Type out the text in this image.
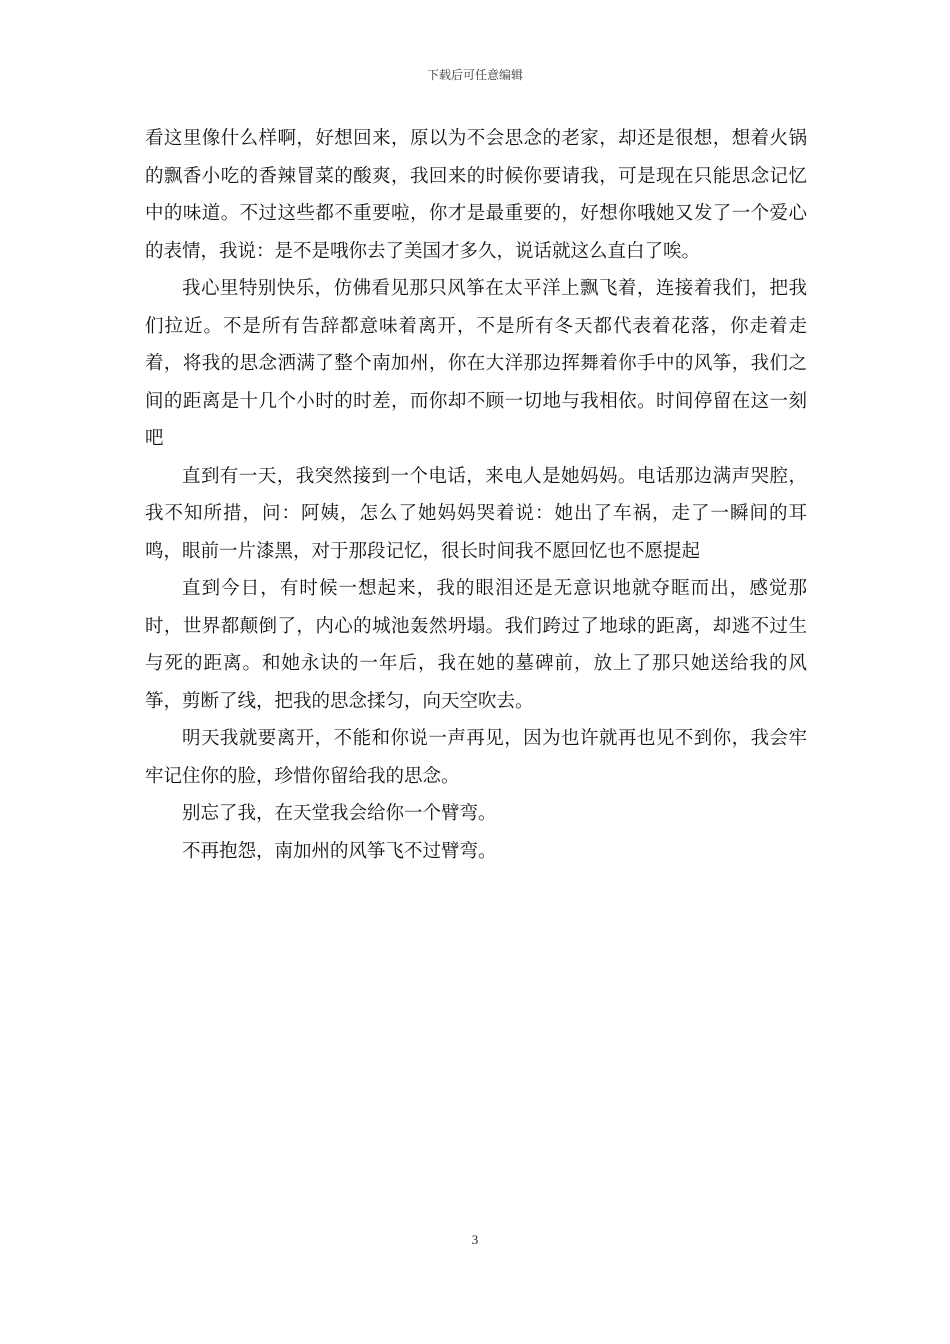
下载后可任意编辑

看这里像什么样啊，好想回来，原以为不会思念的老家，却还是很想，想着火锅的飘香小吃的香辣冒菜的酸爽，我回来的时候你要请我，可是现在只能思念记忆中的味道。不过这些都不重要啦，你才是最重要的，好想你哦她又发了一个爱心的表情，我说：是不是哦你去了美国才多久，说话就这么直白了唉。

我心里特别快乐，仿佛看见那只风筝在太平洋上飘飞着，连接着我们，把我们拉近。不是所有告辞都意味着离开，不是所有冬天都代表着花落，你走着走着，将我的思念洒满了整个南加州，你在大洋那边挥舞着你手中的风筝，我们之间的距离是十几个小时的时差，而你却不顾一切地与我相依。时间停留在这一刻吧

直到有一天，我突然接到一个电话，来电人是她妈妈。电话那边满声哭腔，我不知所措，问：阿姨，怎么了她妈妈哭着说：她出了车祸，走了一瞬间的耳鸣，眼前一片漆黑，对于那段记忆，很长时间我不愿回忆也不愿提起

直到今日，有时候一想起来，我的眼泪还是无意识地就夺眶而出，感觉那时，世界都颠倒了，内心的城池轰然坍塌。我们跨过了地球的距离，却逃不过生与死的距离。和她永诀的一年后，我在她的墓碑前，放上了那只她送给我的风筝，剪断了线，把我的思念揉匀，向天空吹去。

明天我就要离开，不能和你说一声再见，因为也许就再也见不到你，我会牢牢记住你的脸，珍惜你留给我的思念。

别忘了我，在天堂我会给你一个臂弯。

不再抱怨，南加州的风筝飞不过臂弯。

3
